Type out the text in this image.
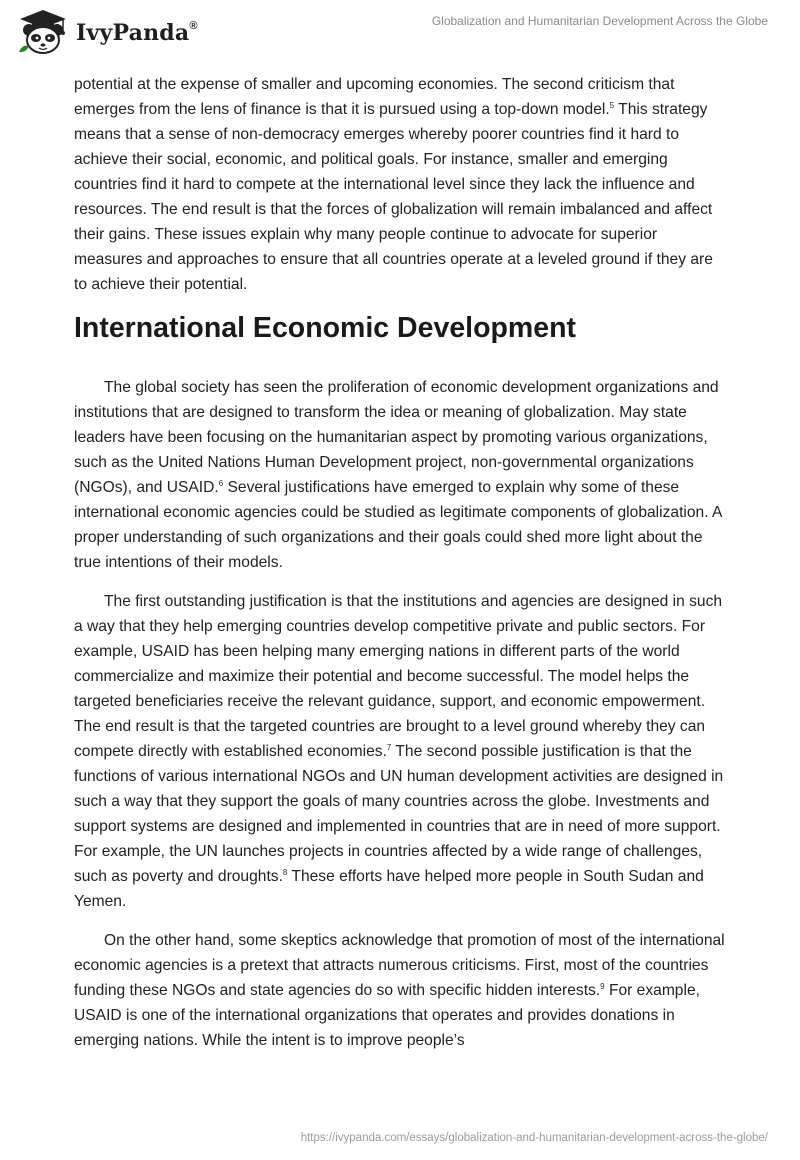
IvyPanda®	Globalization and Humanitarian Development Across the Globe

potential at the expense of smaller and upcoming economies. The second criticism that emerges from the lens of finance is that it is pursued using a top-down model.$^5$ This strategy means that a sense of non-democracy emerges whereby poorer countries find it hard to achieve their social, economic, and political goals. For instance, smaller and emerging countries find it hard to compete at the international level since they lack the influence and resources. The end result is that the forces of globalization will remain imbalanced and affect their gains. These issues explain why many people continue to advocate for superior measures and approaches to ensure that all countries operate at a leveled ground if they are to achieve their potential.

International Economic Development

The global society has seen the proliferation of economic development organizations and institutions that are designed to transform the idea or meaning of globalization. May state leaders have been focusing on the humanitarian aspect by promoting various organizations, such as the United Nations Human Development project, non-governmental organizations (NGOs), and USAID.$^6$ Several justifications have emerged to explain why some of these international economic agencies could be studied as legitimate components of globalization. A proper understanding of such organizations and their goals could shed more light about the true intentions of their models.

The first outstanding justification is that the institutions and agencies are designed in such a way that they help emerging countries develop competitive private and public sectors. For example, USAID has been helping many emerging nations in different parts of the world commercialize and maximize their potential and become successful. The model helps the targeted beneficiaries receive the relevant guidance, support, and economic empowerment. The end result is that the targeted countries are brought to a level ground whereby they can compete directly with established economies.$^7$ The second possible justification is that the functions of various international NGOs and UN human development activities are designed in such a way that they support the goals of many countries across the globe. Investments and support systems are designed and implemented in countries that are in need of more support. For example, the UN launches projects in countries affected by a wide range of challenges, such as poverty and droughts.$^8$ These efforts have helped more people in South Sudan and Yemen.

On the other hand, some skeptics acknowledge that promotion of most of the international economic agencies is a pretext that attracts numerous criticisms. First, most of the countries funding these NGOs and state agencies do so with specific hidden interests.$^9$ For example, USAID is one of the international organizations that operates and provides donations in emerging nations. While the intent is to improve people’s

https://ivypanda.com/essays/globalization-and-humanitarian-development-across-the-globe/
